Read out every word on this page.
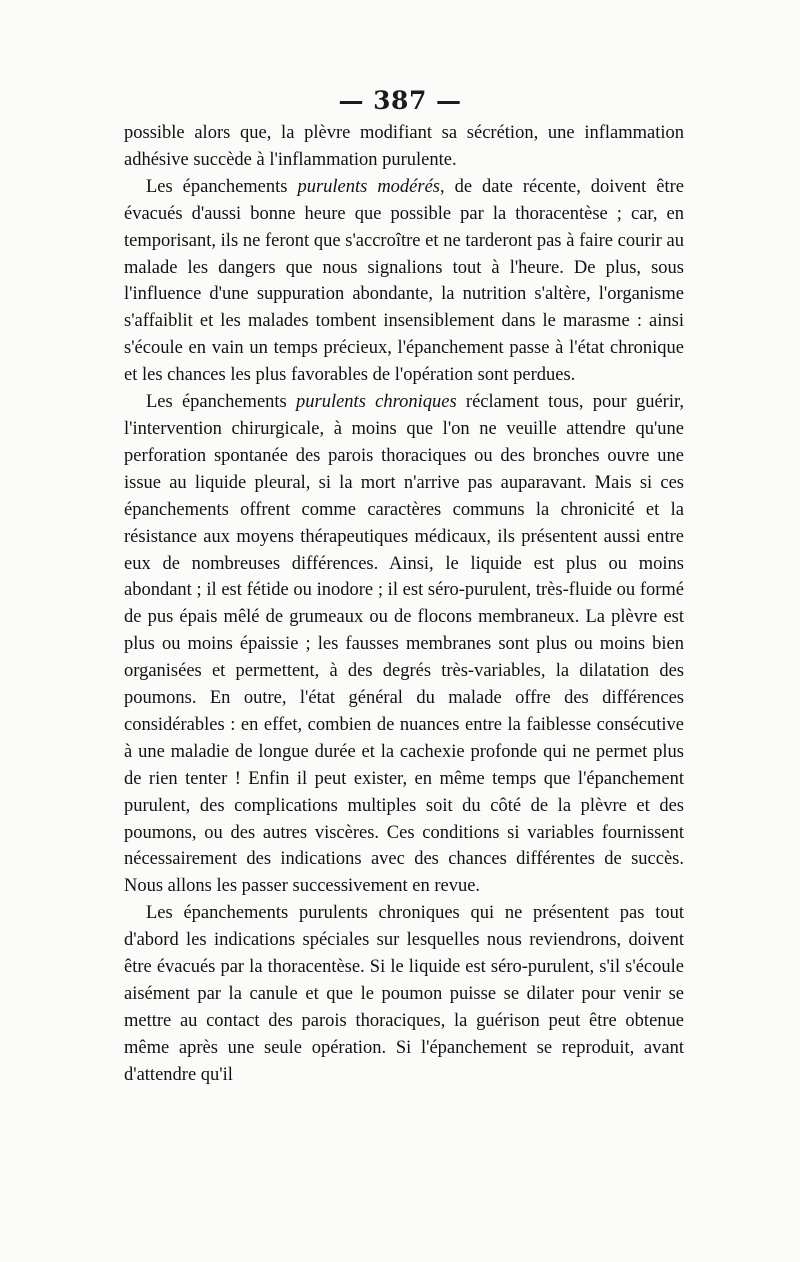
— 387 —

possible alors que, la plèvre modifiant sa sécrétion, une inflammation adhésive succède à l'inflammation purulente.

Les épanchements purulents modérés, de date récente, doivent être évacués d'aussi bonne heure que possible par la thoracentèse ; car, en temporisant, ils ne feront que s'accroître et ne tarderont pas à faire courir au malade les dangers que nous signalions tout à l'heure. De plus, sous l'influence d'une suppuration abondante, la nutrition s'altère, l'organisme s'affaiblit et les malades tombent insensiblement dans le marasme : ainsi s'écoule en vain un temps précieux, l'épanchement passe à l'état chronique et les chances les plus favorables de l'opération sont perdues.

Les épanchements purulents chroniques réclament tous, pour guérir, l'intervention chirurgicale, à moins que l'on ne veuille attendre qu'une perforation spontanée des parois thoraciques ou des bronches ouvre une issue au liquide pleural, si la mort n'arrive pas auparavant. Mais si ces épanchements offrent comme caractères communs la chronicité et la résistance aux moyens thérapeutiques médicaux, ils présentent aussi entre eux de nombreuses différences. Ainsi, le liquide est plus ou moins abondant ; il est fétide ou inodore ; il est séro-purulent, très-fluide ou formé de pus épais mêlé de grumeaux ou de flocons membraneux. La plèvre est plus ou moins épaissie ; les fausses membranes sont plus ou moins bien organisées et permettent, à des degrés très-variables, la dilatation des poumons. En outre, l'état général du malade offre des différences considérables : en effet, combien de nuances entre la faiblesse consécutive à une maladie de longue durée et la cachexie profonde qui ne permet plus de rien tenter ! Enfin il peut exister, en même temps que l'épanchement purulent, des complications multiples soit du côté de la plèvre et des poumons, ou des autres viscères. Ces conditions si variables fournissent nécessairement des indications avec des chances différentes de succès. Nous allons les passer successivement en revue.

Les épanchements purulents chroniques qui ne présentent pas tout d'abord les indications spéciales sur lesquelles nous reviendrons, doivent être évacués par la thoracentèse. Si le liquide est séro-purulent, s'il s'écoule aisément par la canule et que le poumon puisse se dilater pour venir se mettre au contact des parois thoraciques, la guérison peut être obtenue même après une seule opération. Si l'épanchement se reproduit, avant d'attendre qu'il
